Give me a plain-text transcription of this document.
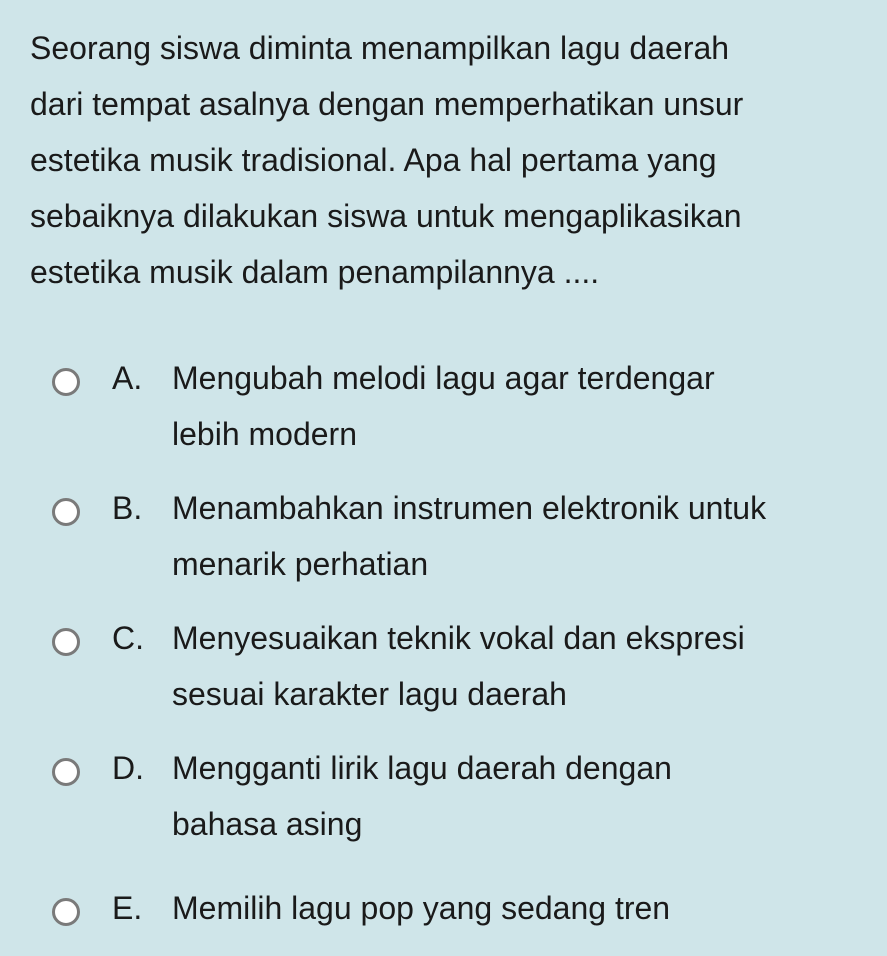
Seorang siswa diminta menampilkan lagu daerah
dari tempat asalnya dengan memperhatikan unsur
estetika musik tradisional. Apa hal pertama yang
sebaiknya dilakukan siswa untuk mengaplikasikan
estetika musik dalam penampilannya ....
A. Mengubah melodi lagu agar terdengar
lebih modern
B. Menambahkan instrumen elektronik untuk
menarik perhatian
C. Menyesuaikan teknik vokal dan ekspresi
sesuai karakter lagu daerah
D. Mengganti lirik lagu daerah dengan
bahasa asing
E. Memilih lagu pop yang sedang tren
